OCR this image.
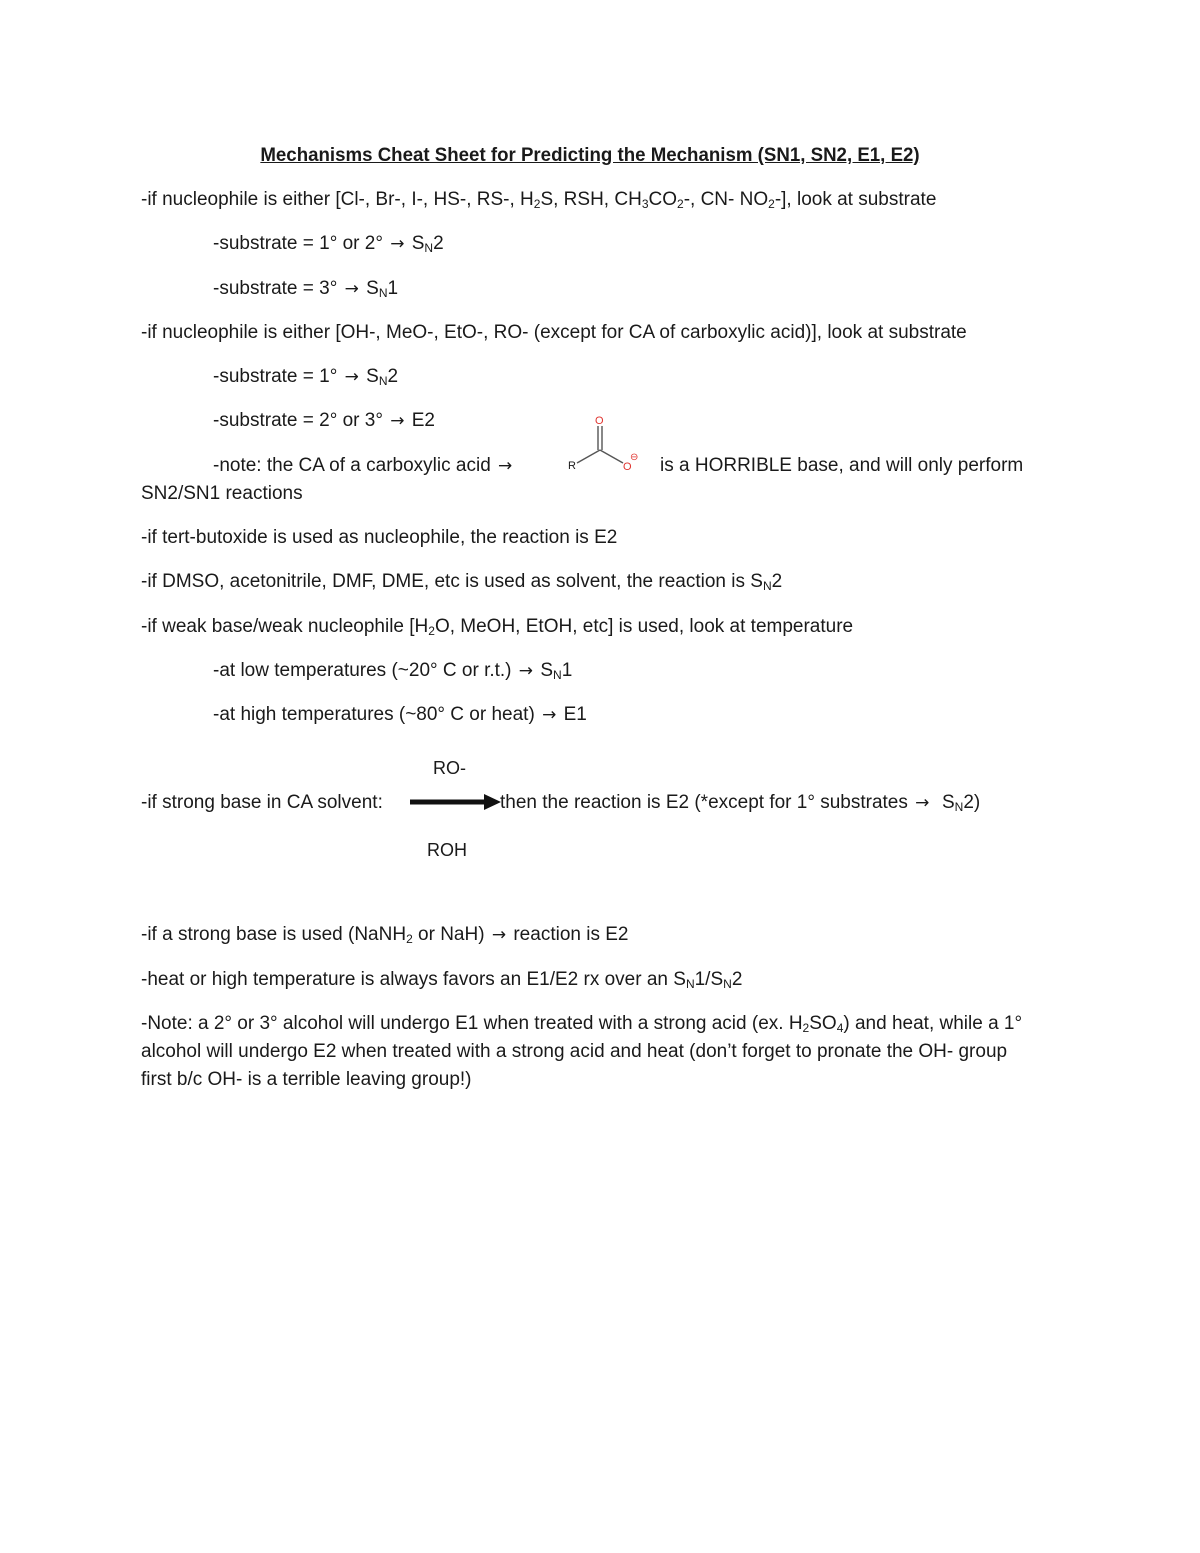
Mechanisms Cheat Sheet for Predicting the Mechanism (SN1, SN2, E1, E2)
-if nucleophile is either [Cl-, Br-, I-, HS-, RS-, $H_2S$, RSH, $CH_3CO_2-$, CN- $NO_2-$], look at substrate
-substrate = 1° or $2^\circ \to S_N2$
-substrate = $3^\circ \to S_N1$
-if nucleophile is either [OH-, MeO-, EtO-, RO- (except for CA of carboxylic acid)], look at substrate
-substrate = $1^\circ \to S_N2$
-substrate = 2° or 3° → E2
-note: the CA of a carboxylic acid →	R
O
O
⊖ is a HORRIBLE base, and will only perform
SN2/SN1 reactions
-if tert-butoxide is used as nucleophile, the reaction is E2
-if DMSO, acetonitrile, DMF, DME, etc is used as solvent, the reaction is $S_N2$
-if weak base/weak nucleophile [$H_2O$, MeOH, EtOH, etc] is used, look at temperature
-at low temperatures (~20° C or $r.t.) \to S_N1$
-at high temperatures (~80° C or heat) → E1
RO-
-if strong base in CA solvent:	then the reaction is E2 (*except for 1° substrates → $S_N2$)
ROH
-if a strong base is used (NaNH$_2$ or NaH) → reaction is E2
-heat or high temperature is always favors an E1/E2 rx over an $S_N1/S_N2$
-Note: a 2° or 3° alcohol will undergo E1 when treated with a strong acid (ex. $H_2SO_4$) and heat, while a 1°
alcohol will undergo E2 when treated with a strong acid and heat (don’t forget to pronate the OH- group
first b/c OH- is a terrible leaving group!)
